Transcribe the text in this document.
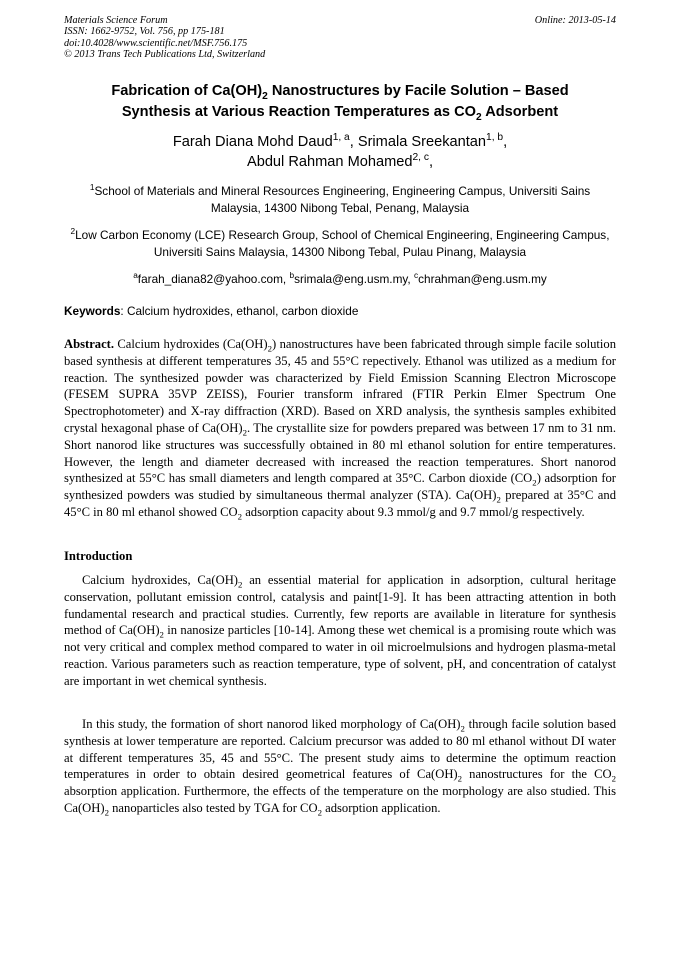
Materials Science Forum
ISSN: 1662-9752, Vol. 756, pp 175-181
doi:10.4028/www.scientific.net/MSF.756.175
© 2013 Trans Tech Publications Ltd, Switzerland
Online: 2013-05-14
Fabrication of $Ca(OH)_2$ Nanostructures by Facile Solution – Based
Synthesis at Various Reaction Temperatures as $CO_2$ Adsorbent
Farah Diana Mohd Daud$^{1, a}$, Srimala Sreekantan$^{1, b}$,
Abdul Rahman Mohamed$^{2, c}$,
$^1$School of Materials and Mineral Resources Engineering, Engineering Campus, Universiti Sains Malaysia, 14300 Nibong Tebal, Penang, Malaysia
$^2$Low Carbon Economy (LCE) Research Group, School of Chemical Engineering, Engineering Campus, Universiti Sains Malaysia, 14300 Nibong Tebal, Pulau Pinang, Malaysia
$^a$farah_diana82@yahoo.com, $^b$srimala@eng.usm.my, $^c$chrahman@eng.usm.my
Keywords: Calcium hydroxides, ethanol, carbon dioxide
Abstract. Calcium hydroxides $(Ca(OH)_2)$ nanostructures have been fabricated through simple facile solution based synthesis at different temperatures 35, 45 and 55°C repectively. Ethanol was utilized as a medium for reaction. The synthesized powder was characterized by Field Emission Scanning Electron Microscope (FESEM SUPRA 35VP ZEISS), Fourier transform infrared (FTIR Perkin Elmer Spectrum One Spectrophotometer) and X-ray diffraction (XRD). Based on XRD analysis, the synthesis samples exhibited crystal hexagonal phase of $Ca(OH)_2$. The crystallite size for powders prepared was between 17 nm to 31 nm. Short nanorod like structures was successfully obtained in 80 ml ethanol solution for entire temperatures. However, the length and diameter decreased with increased the reaction temperatures. Short nanorod synthesized at 55°C has small diameters and length compared at 35°C. Carbon dioxide $(CO_2)$ adsorption for synthesized powders was studied by simultaneous thermal analyzer (STA). $Ca(OH)_2$ prepared at 35°C and 45°C in 80 ml ethanol showed $CO_2$ adsorption capacity about 9.3 mmol/g and 9.7 mmol/g respectively.
Introduction
Calcium hydroxides, $Ca(OH)_2$ an essential material for application in adsorption, cultural heritage conservation, pollutant emission control, catalysis and paint[1-9]. It has been attracting attention in both fundamental research and practical studies. Currently, few reports are available in literature for synthesis method of $Ca(OH)_2$ in nanosize particles [10-14]. Among these wet chemical is a promising route which was not very critical and complex method compared to water in oil microelmulsions and hydrogen plasma-metal reaction. Various parameters such as reaction temperature, type of solvent, pH, and concentration of catalyst are important in wet chemical synthesis.
In this study, the formation of short nanorod liked morphology of $Ca(OH)_2$ through facile solution based synthesis at lower temperature are reported. Calcium precursor was added to 80 ml ethanol without DI water at different temperatures 35, 45 and 55°C. The present study aims to determine the optimum reaction temperatures in order to obtain desired geometrical features of $Ca(OH)_2$ nanostructures for the $CO_2$ absorption application. Furthermore, the effects of the temperature on the morphology are also studied. This $Ca(OH)_2$ nanoparticles also tested by TGA for $CO_2$ adsorption application.
